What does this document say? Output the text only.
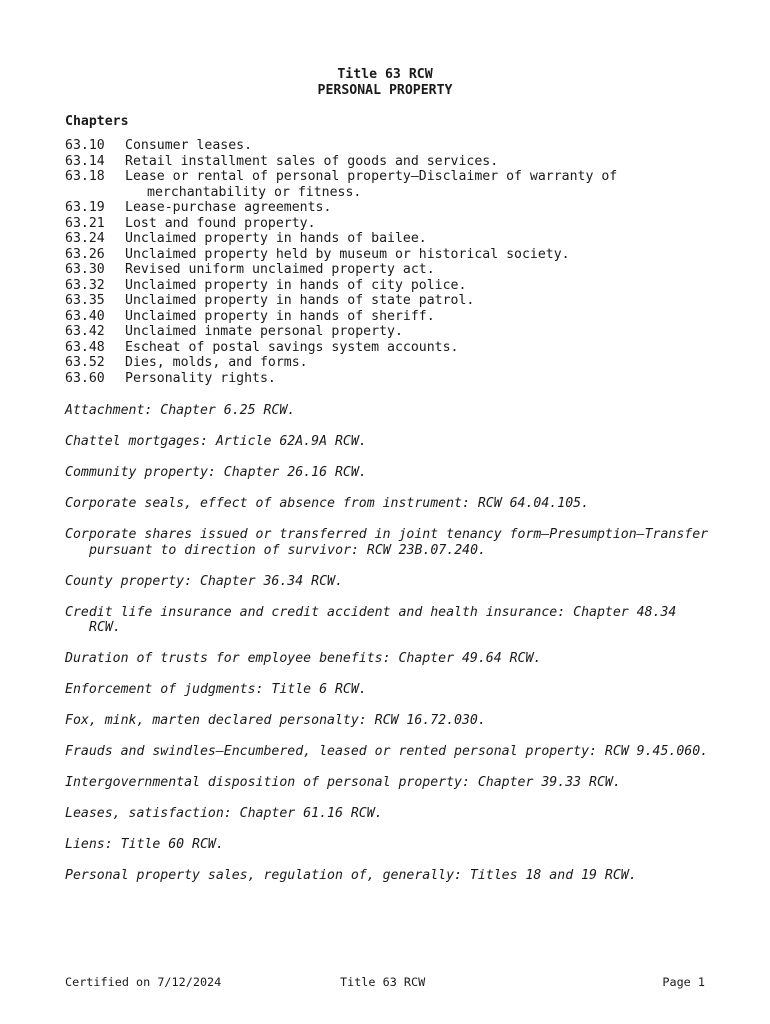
Title 63 RCW
PERSONAL PROPERTY
Chapters
63.10	Consumer leases.
63.14	Retail installment sales of goods and services.
63.18	Lease or rental of personal property—Disclaimer of warranty of merchantability or fitness.
63.19	Lease-purchase agreements.
63.21	Lost and found property.
63.24	Unclaimed property in hands of bailee.
63.26	Unclaimed property held by museum or historical society.
63.30	Revised uniform unclaimed property act.
63.32	Unclaimed property in hands of city police.
63.35	Unclaimed property in hands of state patrol.
63.40	Unclaimed property in hands of sheriff.
63.42	Unclaimed inmate personal property.
63.48	Escheat of postal savings system accounts.
63.52	Dies, molds, and forms.
63.60	Personality rights.
Attachment: Chapter 6.25 RCW.
Chattel mortgages: Article 62A.9A RCW.
Community property: Chapter 26.16 RCW.
Corporate seals, effect of absence from instrument: RCW 64.04.105.
Corporate shares issued or transferred in joint tenancy form—Presumption—Transfer pursuant to direction of survivor: RCW 23B.07.240.
County property: Chapter 36.34 RCW.
Credit life insurance and credit accident and health insurance: Chapter 48.34 RCW.
Duration of trusts for employee benefits: Chapter 49.64 RCW.
Enforcement of judgments: Title 6 RCW.
Fox, mink, marten declared personalty: RCW 16.72.030.
Frauds and swindles—Encumbered, leased or rented personal property: RCW 9.45.060.
Intergovernmental disposition of personal property: Chapter 39.33 RCW.
Leases, satisfaction: Chapter 61.16 RCW.
Liens: Title 60 RCW.
Personal property sales, regulation of, generally: Titles 18 and 19 RCW.
Certified on 7/12/2024	Title 63 RCW	Page 1
